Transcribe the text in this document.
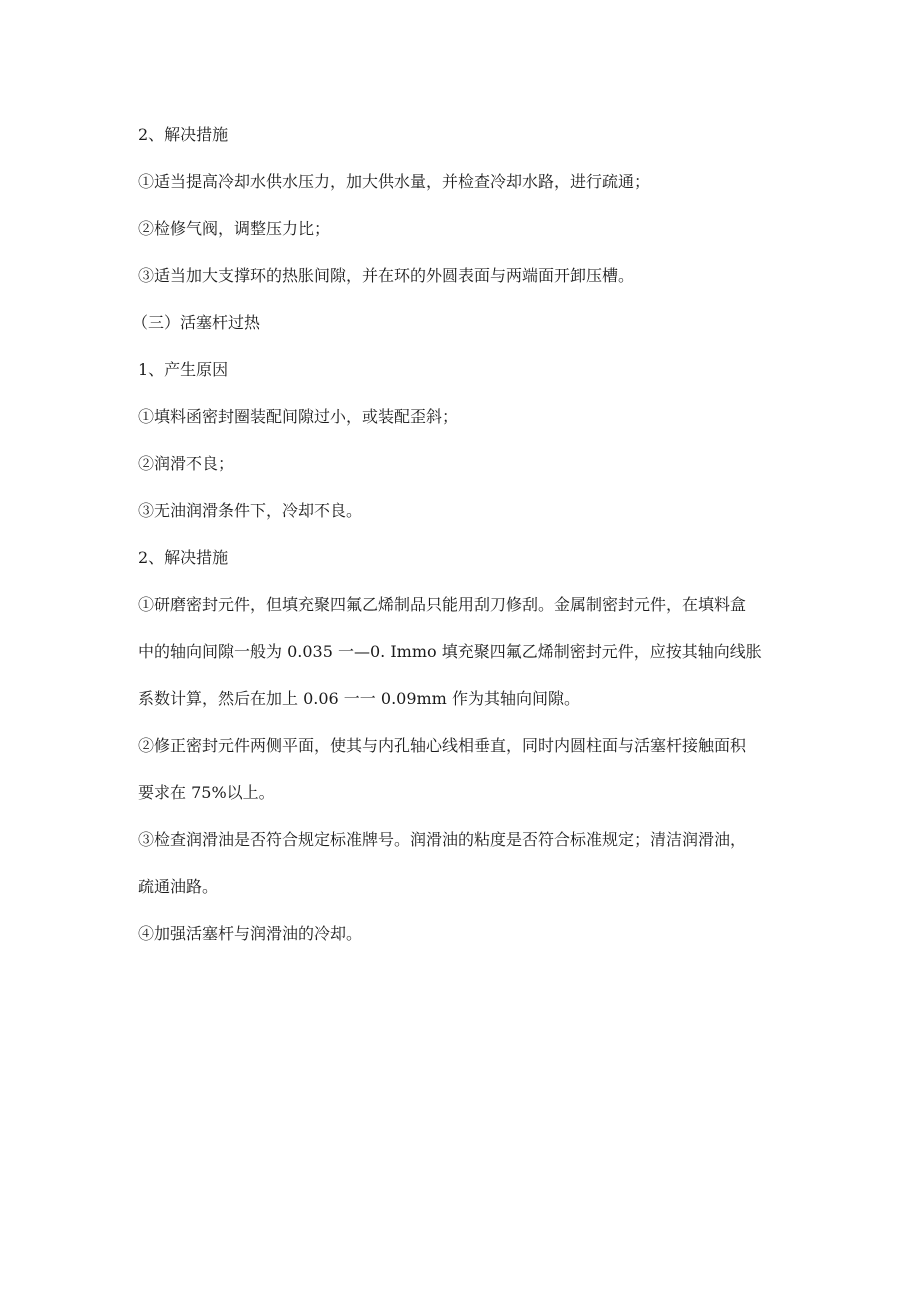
2、解决措施

①适当提高冷却水供水压力，加大供水量，并检查冷却水路，进行疏通；

②检修气阀，调整压力比；

③适当加大支撑环的热胀间隙，并在环的外圆表面与两端面开卸压槽。

（三）活塞杆过热

1、产生原因

①填料函密封圈装配间隙过小，或装配歪斜；

②润滑不良；

③无油润滑条件下，冷却不良。

2、解决措施

①研磨密封元件，但填充聚四氟乙烯制品只能用刮刀修刮。金属制密封元件，在填料盒

中的轴向间隙一般为 0.035 一—0. Immo 填充聚四氟乙烯制密封元件，应按其轴向线胀

系数计算，然后在加上 0.06 一一 0.09mm 作为其轴向间隙。

②修正密封元件两侧平面，使其与内孔轴心线相垂直，同时内圆柱面与活塞杆接触面积

要求在 75%以上。

③检查润滑油是否符合规定标准牌号。润滑油的粘度是否符合标准规定；清洁润滑油，

疏通油路。

④加强活塞杆与润滑油的冷却。
